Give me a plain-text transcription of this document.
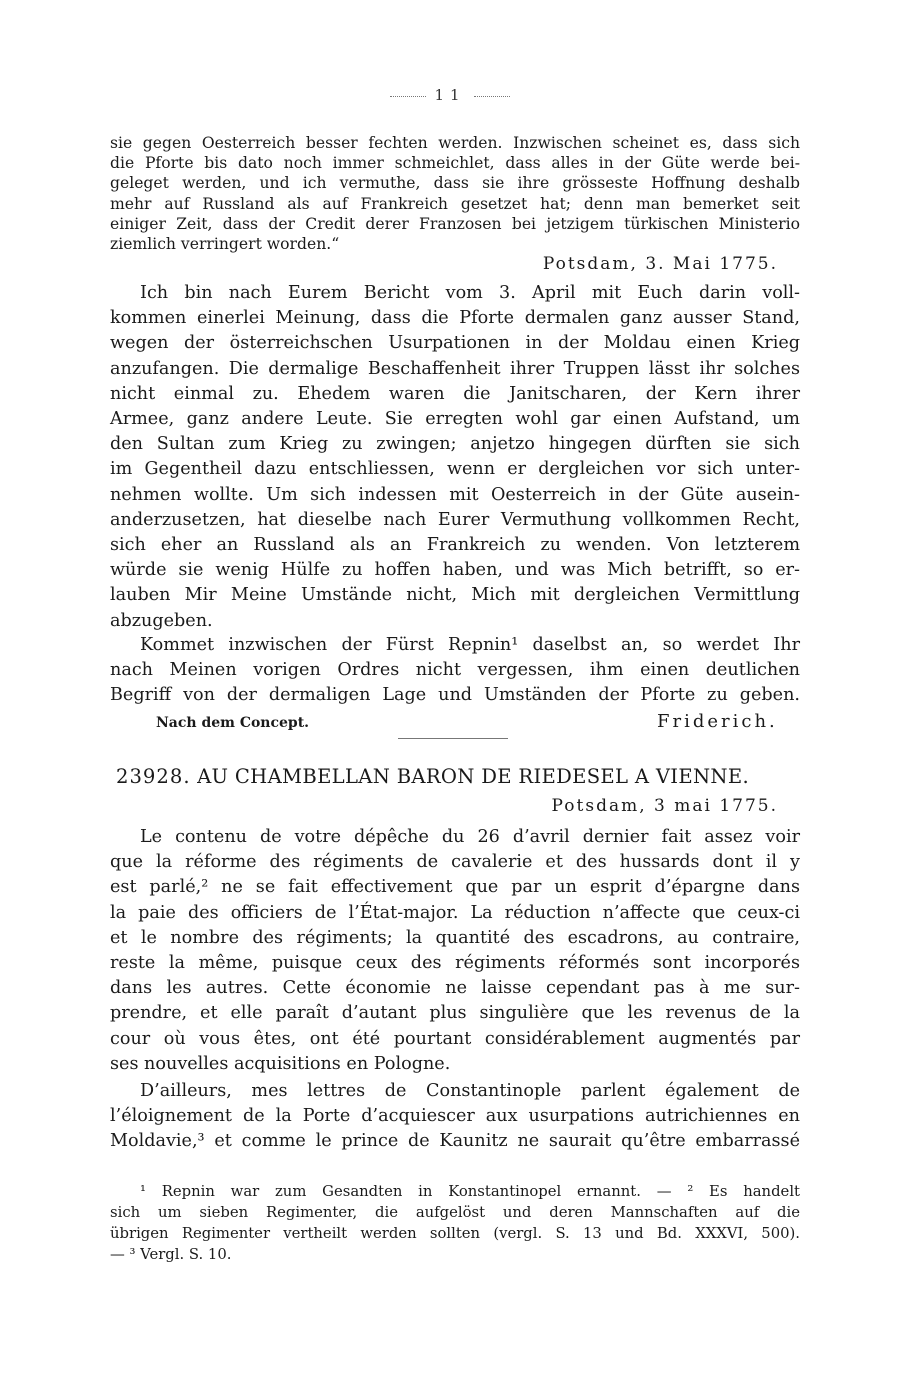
11
sie gegen Oesterreich besser fechten werden. Inzwischen scheinet es, dass sich
die Pforte bis dato noch immer schmeichlet, dass alles in der Güte werde bei-
geleget werden, und ich vermuthe, dass sie ihre grösseste Hoffnung deshalb
mehr auf Russland als auf Frankreich gesetzet hat; denn man bemerket seit
einiger Zeit, dass der Credit derer Franzosen bei jetzigem türkischen Ministerio
ziemlich verringert worden.“
Potsdam, 3. Mai 1775.
Ich bin nach Eurem Bericht vom 3. April mit Euch darin voll-
kommen einerlei Meinung, dass die Pforte dermalen ganz ausser Stand,
wegen der österreichschen Usurpationen in der Moldau einen Krieg
anzufangen. Die dermalige Beschaffenheit ihrer Truppen lässt ihr solches
nicht einmal zu. Ehedem waren die Janitscharen, der Kern ihrer
Armee, ganz andere Leute. Sie erregten wohl gar einen Aufstand, um
den Sultan zum Krieg zu zwingen; anjetzo hingegen dürften sie sich
im Gegentheil dazu entschliessen, wenn er dergleichen vor sich unter-
nehmen wollte. Um sich indessen mit Oesterreich in der Güte ausein-
anderzusetzen, hat dieselbe nach Eurer Vermuthung vollkommen Recht,
sich eher an Russland als an Frankreich zu wenden. Von letzterem
würde sie wenig Hülfe zu hoffen haben, und was Mich betrifft, so er-
lauben Mir Meine Umstände nicht, Mich mit dergleichen Vermittlung
abzugeben.
Kommet inzwischen der Fürst Repnin¹ daselbst an, so werdet Ihr
nach Meinen vorigen Ordres nicht vergessen, ihm einen deutlichen
Begriff von der dermaligen Lage und Umständen der Pforte zu geben.
Nach dem Concept.	Friderich.
23928. AU CHAMBELLAN BARON DE RIEDESEL A VIENNE.
Potsdam, 3 mai 1775.
Le contenu de votre dépêche du 26 d’avril dernier fait assez voir
que la réforme des régiments de cavalerie et des hussards dont il y
est parlé,² ne se fait effectivement que par un esprit d’épargne dans
la paie des officiers de l’État-major. La réduction n’affecte que ceux-ci
et le nombre des régiments; la quantité des escadrons, au contraire,
reste la même, puisque ceux des régiments réformés sont incorporés
dans les autres. Cette économie ne laisse cependant pas à me sur-
prendre, et elle paraît d’autant plus singulière que les revenus de la
cour où vous êtes, ont été pourtant considérablement augmentés par
ses nouvelles acquisitions en Pologne.
D’ailleurs, mes lettres de Constantinople parlent également de
l’éloignement de la Porte d’acquiescer aux usurpations autrichiennes en
Moldavie,³ et comme le prince de Kaunitz ne saurait qu’être embarrassé
¹ Repnin war zum Gesandten in Konstantinopel ernannt. — ² Es handelt
sich um sieben Regimenter, die aufgelöst und deren Mannschaften auf die
übrigen Regimenter vertheilt werden sollten (vergl. S. 13 und Bd. XXXVI, 500).
— ³ Vergl. S. 10.
